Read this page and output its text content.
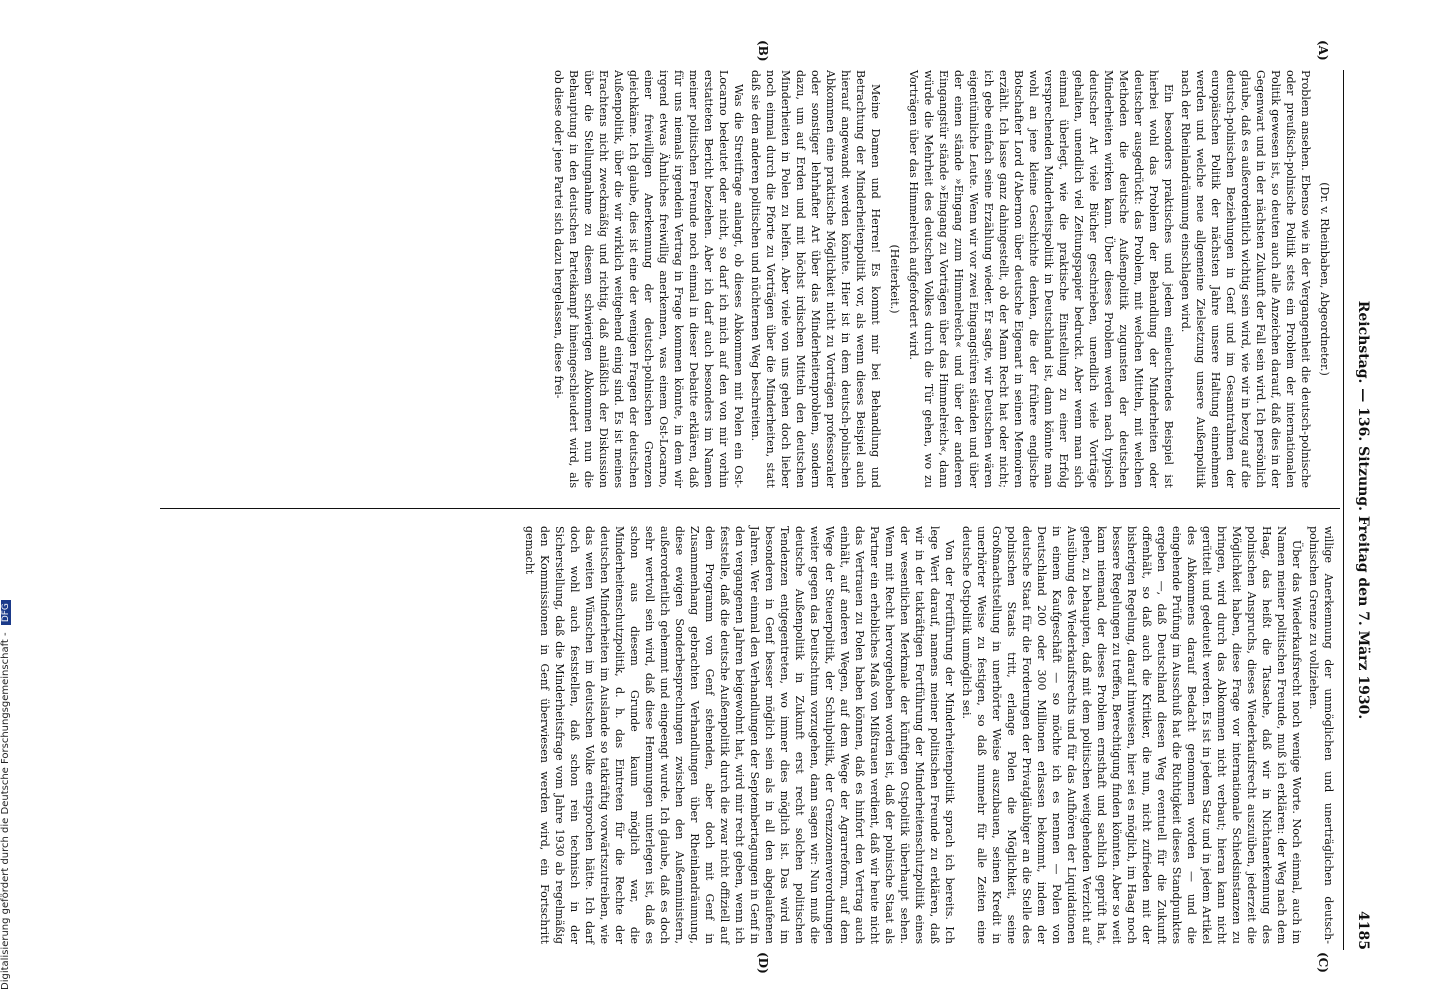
Reichstag. — 136. Sitzung. Freitag den 7. März 1930.
4185
(A)
(B)
(C)
(D)

(Dr. v. Rheinbaben, Abgeordneter.)

Problem ansehen. Ebenso wie in der Vergangenheit die deutsch-polnische oder preußisch-polnische Politik stets ein Problem der internationalen Politik gewesen ist, so deuten auch alle Anzeichen darauf, daß dies in der Gegenwart und in der nächsten Zukunft der Fall sein wird. Ich persönlich glaube, daß es außerordentlich wichtig sein wird, wie wir in bezug auf die deutsch-polnischen Beziehungen in Genf und im Gesamtrahmen der europäischen Politik der nächsten Jahre unsere Haltung einnehmen werden und welche neue allgemeine Zielsetzung unsere Außenpolitik nach der Rheinlandräumung einschlagen wird.

Ein besonders praktisches und jedem einleuchtendes Beispiel ist hierbei wohl das Problem der Behandlung der Minderheiten oder deutscher ausgedrückt: das Problem, mit welchen Mitteln, mit welchen Methoden die deutsche Außenpolitik zugunsten der deutschen Minderheiten wirken kann. Über dieses Problem werden nach typisch deutscher Art viele Bücher geschrieben, unendlich viele Vorträge gehalten, unendlich viel Zeitungspapier bedruckt. Aber wenn man sich einmal überlegt, wie die praktische Einstellung zu einer Erfolg versprechenden Minderheitspolitik in Deutschland ist, dann könnte man wohl an jene kleine Geschichte denken, die der frühere englische Botschafter Lord d'Abernon über deutsche Eigenart in seinen Memoiren erzählt. Ich lasse ganz dahingestellt, ob der Mann Recht hat oder nicht; ich gebe einfach seine Erzählung wieder. Er sagte, wir Deutschen wären eigentümliche Leute. Wenn wir vor zwei Eingangstüren ständen und über der einen stände »Eingang zum Himmelreich« und über der anderen Eingangstür stände »Eingang zu Vorträgen über das Himmelreich«, dann würde die Mehrheit des deutschen Volkes durch die Tür gehen, wo zu Vorträgen über das Himmelreich aufgefordert wird.

(Heiterkeit.)

Meine Damen und Herren! Es kommt mir bei Behandlung und Betrachtung der Minderheitenpolitik vor, als wenn dieses Beispiel auch hierauf angewandt werden könnte. Hier ist in dem deutsch-polnischen Abkommen eine praktische Möglichkeit nicht zu Vorträgen professoraler oder sonstiger lehrhafter Art über das Minderheitenproblem, sondern dazu, um auf Erden und mit höchst irdischen Mitteln den deutschen Minderheiten in Polen zu helfen. Aber viele von uns gehen doch lieber noch einmal durch die Pforte zu Vorträgen über die Minderheiten, statt daß sie den anderen politischen und nüchternen Weg beschreiten.

Was die Streitfrage anlangt, ob dieses Abkommen mit Polen ein Ost-Locarno bedeutet oder nicht, so darf ich mich auf den von mir vorhin erstatteten Bericht beziehen. Aber ich darf auch besonders im Namen meiner politischen Freunde noch einmal in dieser Debatte erklären, daß für uns niemals irgendein Vertrag in Frage kommen könnte, in dem wir irgend etwas Ähnliches freiwillig anerkennen, was einem Ost-Locarno, einer freiwilligen Anerkennung der deutsch-polnischen Grenzen gleichkäme. Ich glaube, dies ist eine der wenigen Fragen der deutschen Außenpolitik, über die wir wirklich weitgehend einig sind. Es ist meines Erachtens nicht zweckmäßig und richtig, daß anläßlich der Diskussion über die Stellungnahme zu diesem schwierigen Abkommen nun die Behauptung in den deutschen Parteikampf hineingeschleudert wird, als ob diese oder jene Partei sich dazu hergelassen, diese frei-

willige Anerkennung der unmöglichen und unerträglichen deutsch-polnischen Grenze zu vollziehen.

Über das Wiederkaufsrecht noch wenige Worte. Noch einmal, auch im Namen meiner politischen Freunde, muß ich erklären: der Weg nach dem Haag, das heißt die Tatsache, daß wir in Nichtanerkennung des polnischen Anspruchs, dieses Wiederkaufsrecht auszuüben, jederzeit die Möglichkeit haben, diese Frage vor internationale Schiedsinstanzen zu bringen, wird durch das Abkommen nicht verbaut; hieran kann nicht gerüttelt und gedeutelt werden. Es ist in jedem Satz und in jedem Artikel des Abkommens darauf Bedacht genommen worden — und die eingehende Prüfung im Ausschuß hat die Richtigkeit dieses Standpunktes ergeben —, daß Deutschland diesen Weg eventuell für die Zukunft offenhält, so daß auch die Kritiker, die nun, nicht zufrieden mit der bisherigen Regelung, darauf hinweisen, hier sei es möglich, im Haag noch bessere Regelungen zu treffen, Berechtigung finden könnten. Aber so weit kann niemand, der dieses Problem ernsthaft und sachlich geprüft hat, gehen, zu behaupten, daß mit dem politischen weitgehenden Verzicht auf Ausübung des Wiederkaufsrechts und für das Aufhören der Liquidationen in einem Kaufgeschäft — so möchte ich es nennen — Polen von Deutschland 200 oder 300 Millionen erlassen bekommt, indem der deutsche Staat für die Forderungen der Privatgläubiger an die Stelle des polnischen Staats tritt, erlange Polen die Möglichkeit, seine Großmachtstellung in unerhörter Weise auszubauen, seinen Kredit in unerhörter Weise zu festigen, so daß nunmehr für alle Zeiten eine deutsche Ostpolitik unmöglich sei.

Von der Fortführung der Minderheitenpolitik sprach ich bereits. Ich lege Wert darauf, namens meiner politischen Freunde zu erklären, daß wir in der tatkräftigen Fortführung der Minderheitenschutzpolitik eines der wesentlichen Merkmale der künftigen Ostpolitik überhaupt sehen. Wenn mit Recht hervorgehoben worden ist, daß der polnische Staat als Partner ein erhebliches Maß von Mißtrauen verdient, daß wir heute nicht das Vertrauen zu Polen haben können, daß es hinfort den Vertrag auch einhält, auf anderen Wegen, auf dem Wege der Agrarreform, auf dem Wege der Steuerpolitik, der Schulpolitik, der Grenzzonenverordnungen weiter gegen das Deutschtum vorzugehen, dann sagen wir: Nun muß die deutsche Außenpolitik in Zukunft erst recht solchen politischen Tendenzen entgegentreten, wo immer dies möglich ist. Das wird im besonderen in Genf besser möglich sein als in all den abgelaufenen Jahren. Wer einmal den Verhandlungen der Septembertagungen in Genf in den vergangenen Jahren beigewohnt hat, wird mir recht geben, wenn ich feststelle, daß die deutsche Außenpolitik durch die zwar nicht offiziell auf dem Programm von Genf stehenden, aber doch mit Genf in Zusammenhang gebrachten Verhandlungen über Rheinlandräumung, diese ewigen Sonderbesprechungen zwischen den Außenministern, außerordentlich gehemmt und eingeengt wurde. Ich glaube, daß es doch sehr wertvoll sein wird, daß diese Hemmungen unterlegen ist, daß es schon aus diesem Grunde kaum möglich war, die Minderheitenschutzpolitik, d. h. das Eintreten für die Rechte der deutschen Minderheiten im Auslande so tatkräftig vorwärtszutreiben, wie das weiten Wünschen im deutschen Volke entsprochen hätte. Ich darf doch wohl auch feststellen, daß schon rein technisch in der Sicherstellung, daß die Minderheitsfrage vom Jahre 1930 ab regelmäßig den Kommissionen in Genf überwiesen werden wird, ein Fortschritt gemacht

Digitalisierung gefördert durch die Deutsche Forschungsgemeinschaft - DFG
